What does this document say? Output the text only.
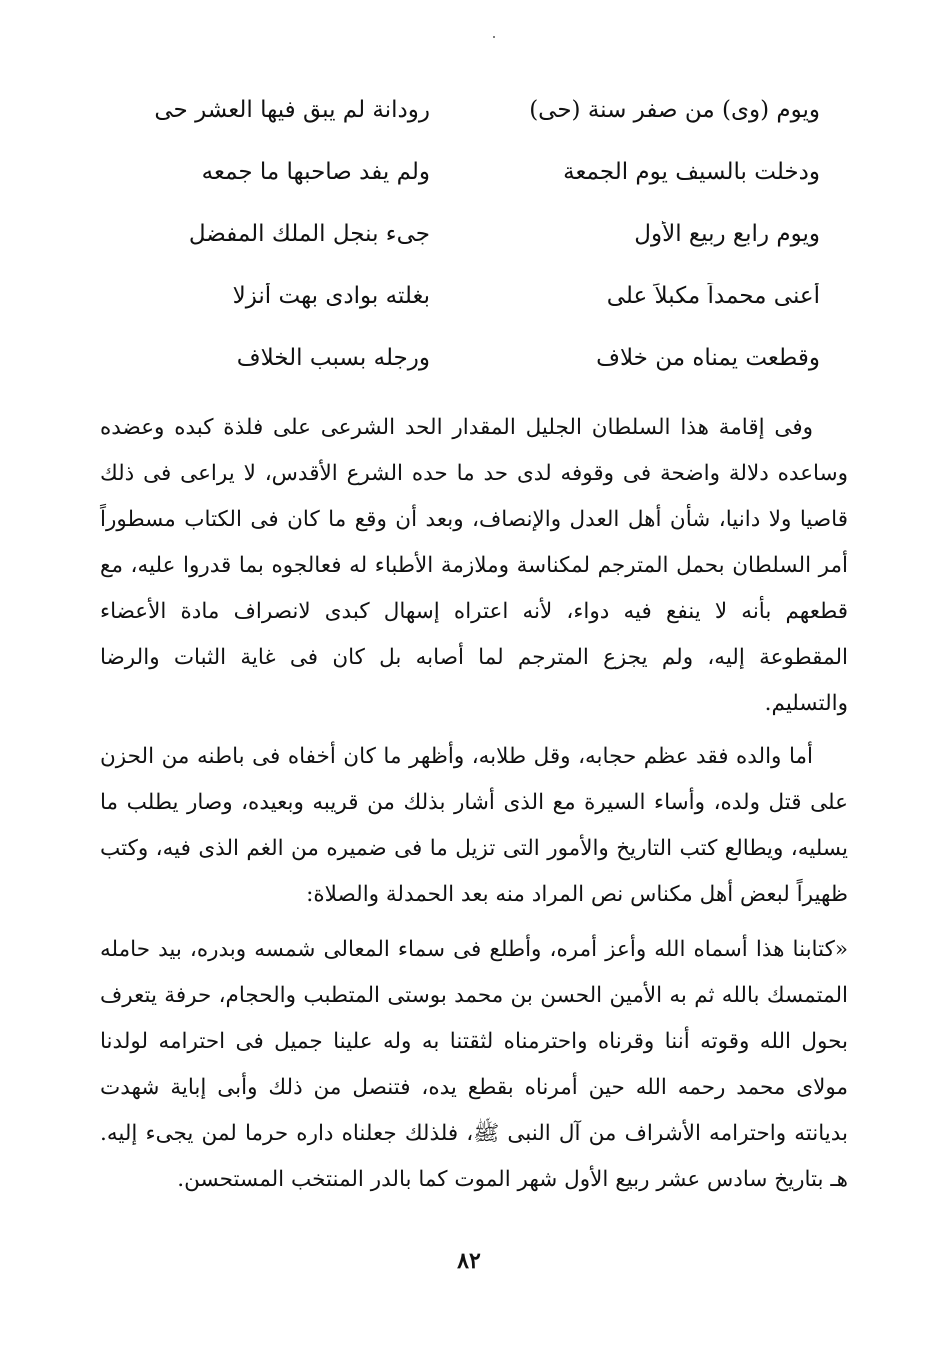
ويوم (وى) من صفر سنة (حى)
رودانة لم يبق فيها العشر حى
ودخلت بالسيف يوم الجمعة
ولم يفد صاحبها ما جمعه
ويوم رابع ربيع الأول
جىء بنجل الملك المفضل
أعنى محمداً مكبلاً على
بغلته بوادى بهت أنزلا
وقطعت يمناه من خلاف
ورجله بسبب الخلاف

وفى إقامة هذا السلطان الجليل المقدار الحد الشرعى على فلذة كبده وعضده وساعده دلالة واضحة فى وقوفه لدى حد ما حده الشرع الأقدس، لا يراعى فى ذلك قاصيا ولا دانيا، شأن أهل العدل والإنصاف، وبعد أن وقع ما كان فى الكتاب مسطوراً أمر السلطان بحمل المترجم لمكناسة وملازمة الأطباء له فعالجوه بما قدروا عليه، مع قطعهم بأنه لا ينفع فيه دواء، لأنه اعتراه إسهال كبدى لانصراف مادة الأعضاء المقطوعة إليه، ولم يجزع المترجم لما أصابه بل كان فى غاية الثبات والرضا والتسليم.

أما والده فقد عظم حجابه، وقل طلابه، وأظهر ما كان أخفاه فى باطنه من الحزن على قتل ولده، وأساء السيرة مع الذى أشار بذلك من قريبه وبعيده، وصار يطلب ما يسليه، ويطالع كتب التاريخ والأمور التى تزيل ما فى ضميره من الغم الذى فيه، وكتب ظهيراً لبعض أهل مكناس نص المراد منه بعد الحمدلة والصلاة:

«كتابنا هذا أسماه الله وأعز أمره، وأطلع فى سماء المعالى شمسه وبدره، بيد حامله المتمسك بالله ثم به الأمين الحسن بن محمد بوستى المتطبب والحجام، حرفة يتعرف بحول الله وقوته أننا وقرناه واحترمناه لثقتنا به وله علينا جميل فى احترامه لولدنا مولاى محمد رحمه الله حين أمرناه بقطع يده، فتنصل من ذلك وأبى إباية شهدت بديانته واحترامه الأشراف من آل النبى ﷺ، فلذلك جعلناه داره حرما لمن يجىء إليه. هـ بتاريخ سادس عشر ربيع الأول شهر الموت كما بالدر المنتخب المستحسن.

٨٢
